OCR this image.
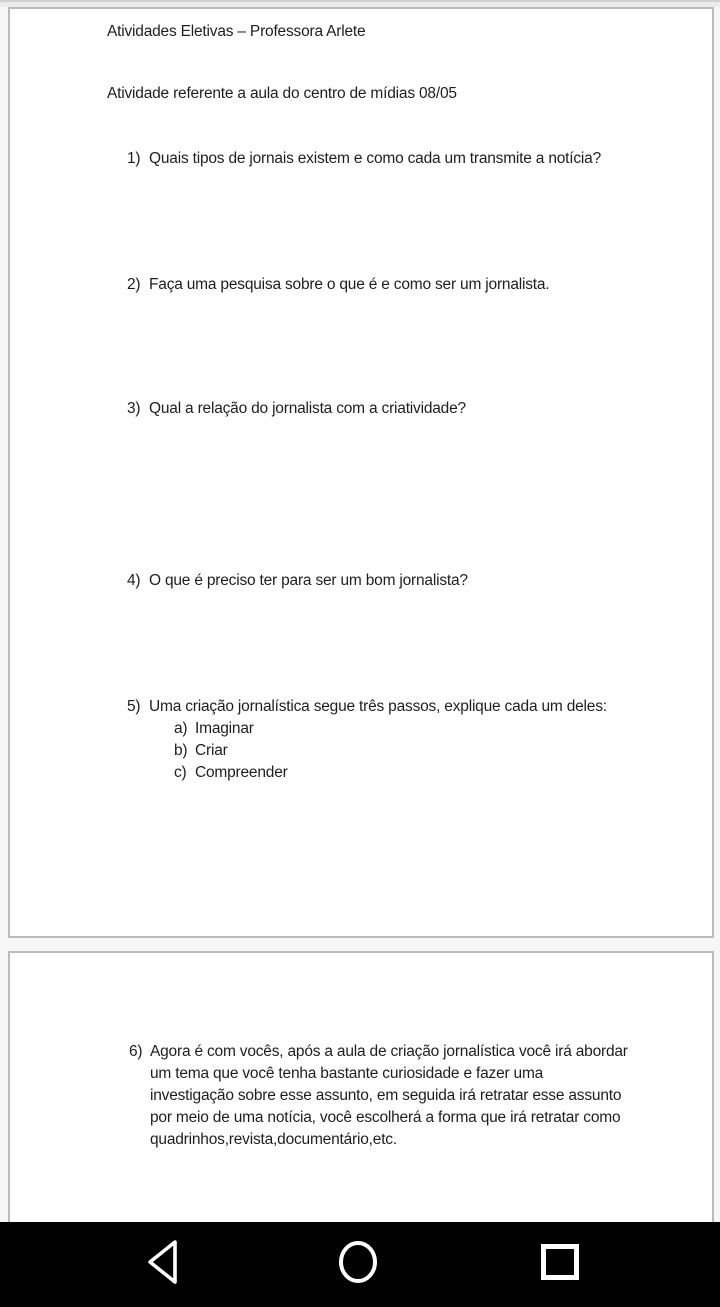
Atividades Eletivas – Professora Arlete
Atividade referente a aula do centro de mídias 08/05
1) Quais tipos de jornais existem e como cada um transmite a notícia?
2) Faça uma pesquisa sobre o que é e como ser um jornalista.
3) Qual a relação do jornalista com a criatividade?
4) O que é preciso ter para ser um bom jornalista?
5) Uma criação jornalística segue três passos, explique cada um deles:
a) Imaginar
b) Criar
c) Compreender
6) Agora é com vocês, após a aula de criação jornalística você irá abordar um tema que você tenha bastante curiosidade e fazer uma investigação sobre esse assunto, em seguida irá retratar esse assunto por meio de uma notícia, você escolherá a forma que irá retratar como quadrinhos,revista,documentário,etc.
